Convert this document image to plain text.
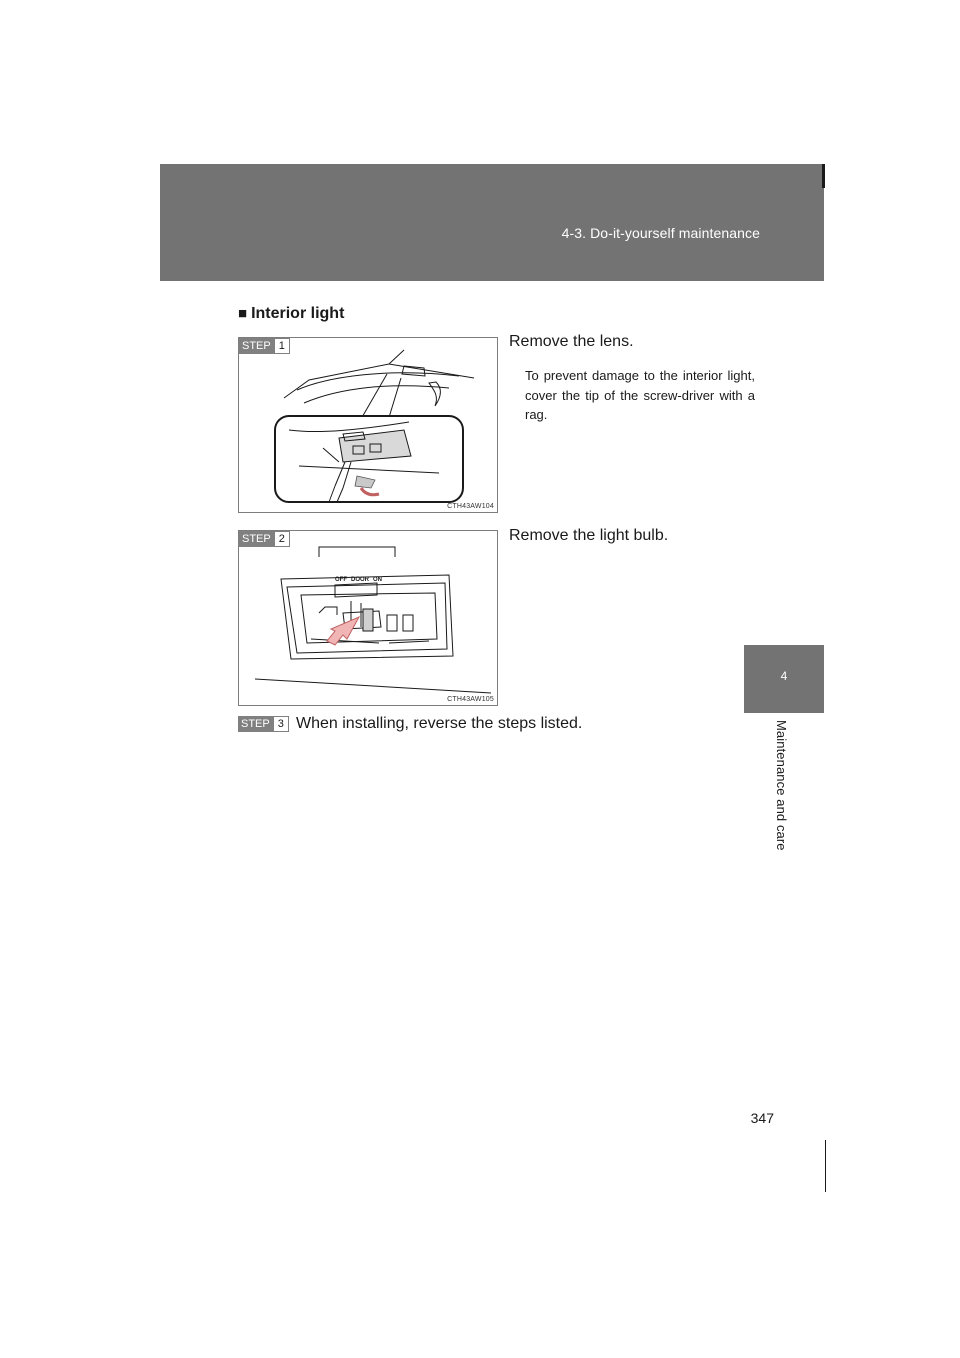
4-3. Do-it-yourself maintenance
4
Maintenance and care
■ Interior light
STEP 1
CTH43AW104
Remove the lens.
To prevent damage to the interior light, cover the tip of the screw-driver with a rag.
OFF DOOR ON
STEP 2
CTH43AW105
Remove the light bulb.
STEP 3 When installing, reverse the steps listed.
347
